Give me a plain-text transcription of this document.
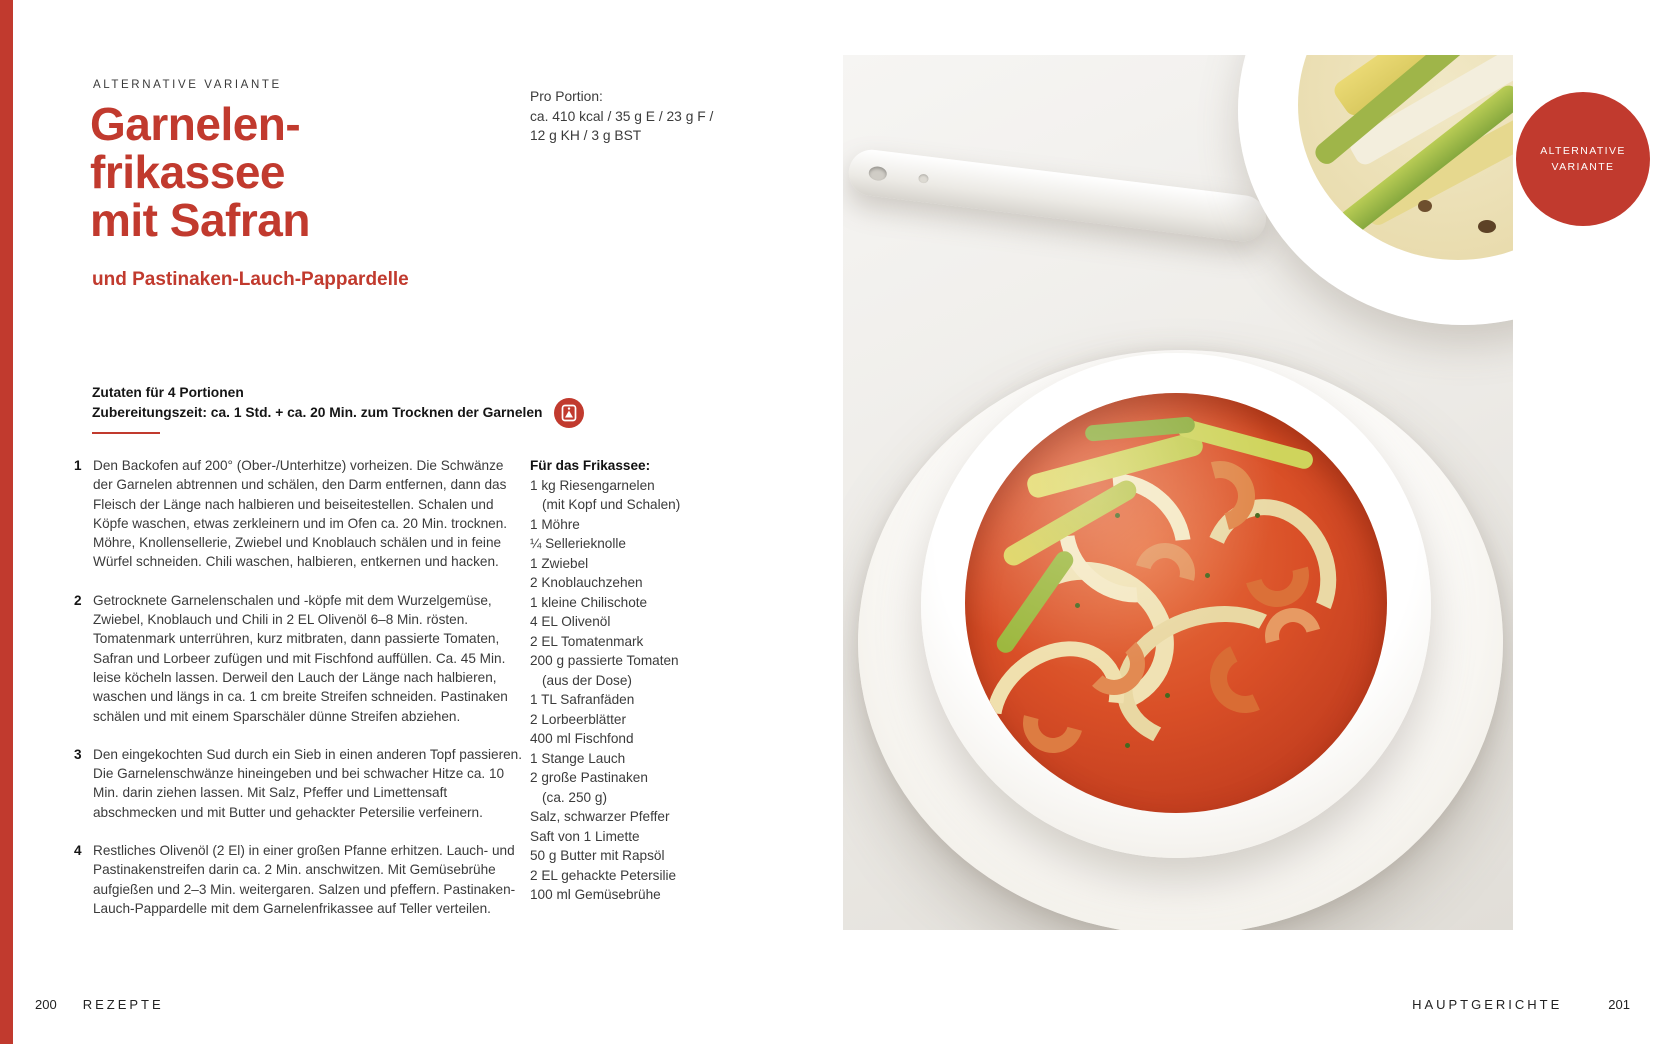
ALTERNATIVE VARIANTE
Garnelen-
frikassee
mit Safran
und Pastinaken-Lauch-Pappardelle
Pro Portion:
ca. 410 kcal / 35 g E / 23 g F /
12 g KH / 3 g BST
Zutaten für 4 Portionen
Zubereitungszeit: ca. 1 Std. + ca. 20 Min. zum Trocknen der Garnelen
1 Den Backofen auf 200° (Ober-/Unterhitze) vorheizen. Die Schwänze der Garnelen abtrennen und schälen, den Darm entfernen, dann das Fleisch der Länge nach halbieren und beiseitestellen. Schalen und Köpfe waschen, etwas zerkleinern und im Ofen ca. 20 Min. trocknen. Möhre, Knollensellerie, Zwiebel und Knoblauch schälen und in feine Würfel schneiden. Chili waschen, halbieren, entkernen und hacken.
2 Getrocknete Garnelenschalen und -köpfe mit dem Wurzelgemüse, Zwiebel, Knoblauch und Chili in 2 EL Olivenöl 6–8 Min. rösten. Tomatenmark unterrühren, kurz mitbraten, dann passierte Tomaten, Safran und Lorbeer zufügen und mit Fischfond auffüllen. Ca. 45 Min. leise köcheln lassen. Derweil den Lauch der Länge nach halbieren, waschen und längs in ca. 1 cm breite Streifen schneiden. Pastinaken schälen und mit einem Sparschäler dünne Streifen abziehen.
3 Den eingekochten Sud durch ein Sieb in einen anderen Topf passieren. Die Garnelenschwänze hineingeben und bei schwacher Hitze ca. 10 Min. darin ziehen lassen. Mit Salz, Pfeffer und Limettensaft abschmecken und mit Butter und gehackter Petersilie verfeinern.
4 Restliches Olivenöl (2 El) in einer großen Pfanne erhitzen. Lauch- und Pastinakenstreifen darin ca. 2 Min. anschwitzen. Mit Gemüsebrühe aufgießen und 2–3 Min. weitergaren. Salzen und pfeffern. Pastinaken-Lauch-Pappardelle mit dem Garnelenfrikassee auf Teller verteilen.
Für das Frikassee:
1 kg Riesengarnelen
(mit Kopf und Schalen)
1 Möhre
¼ Sellerieknolle
1 Zwiebel
2 Knoblauchzehen
1 kleine Chilischote
4 EL Olivenöl
2 EL Tomatenmark
200 g passierte Tomaten
(aus der Dose)
1 TL Safranfäden
2 Lorbeerblätter
400 ml Fischfond
1 Stange Lauch
2 große Pastinaken
(ca. 250 g)
Salz, schwarzer Pfeffer
Saft von 1 Limette
50 g Butter mit Rapsöl
2 EL gehackte Petersilie
100 ml Gemüsebrühe
ALTERNATIVE
VARIANTE
200 REZEPTE	HAUPTGERICHTE	201
